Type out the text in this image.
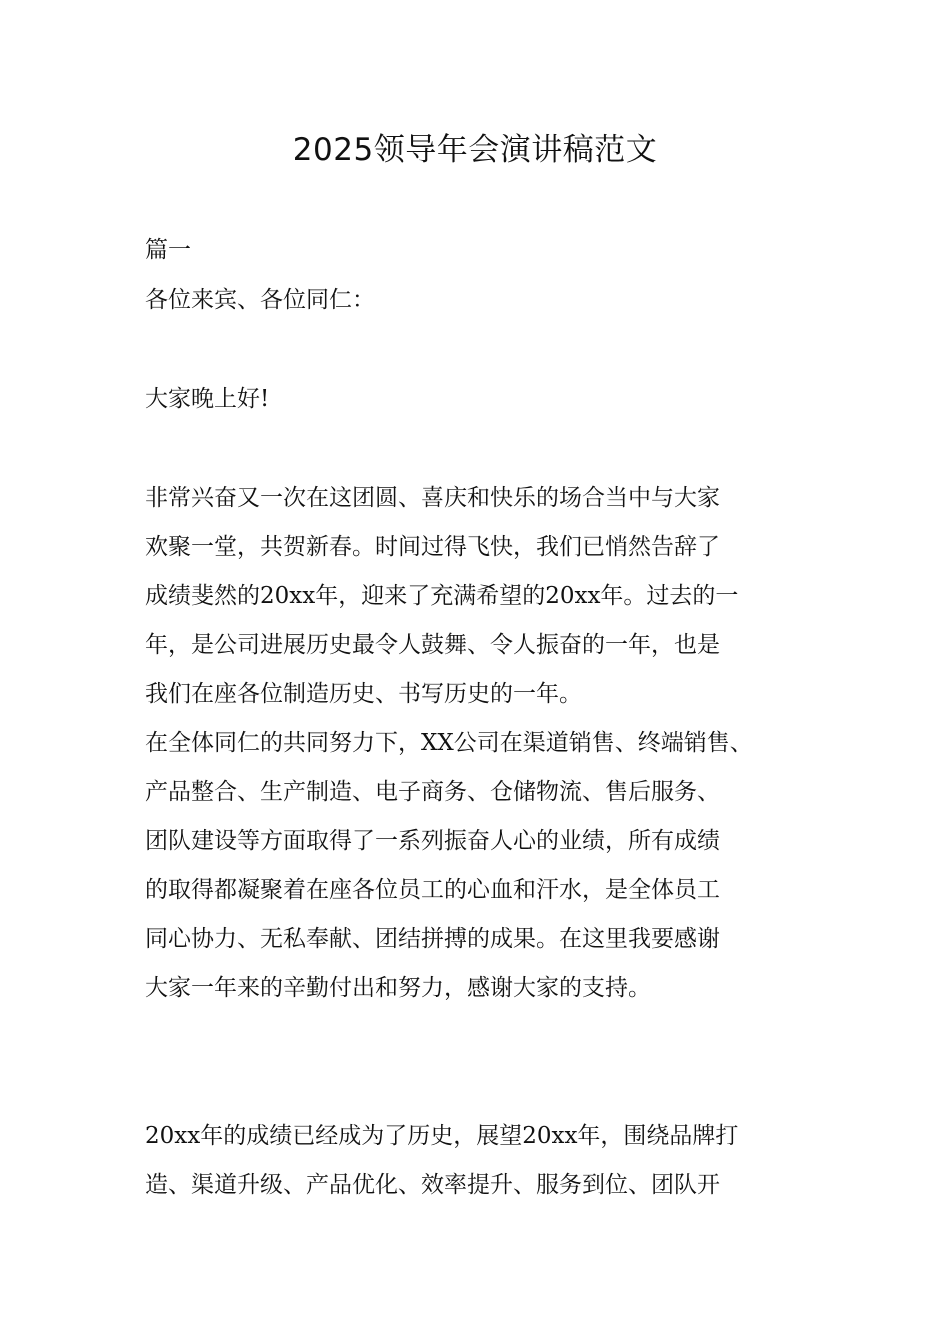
2025领导年会演讲稿范文
篇一
各位来宾、各位同仁：
大家晚上好!
非常兴奋又一次在这团圆、喜庆和快乐的场合当中与大家
欢聚一堂，共贺新春。时间过得飞快，我们已悄然告辞了
成绩斐然的20xx年，迎来了充满希望的20xx年。过去的一
年，是公司进展历史最令人鼓舞、令人振奋的一年，也是
我们在座各位制造历史、书写历史的一年。
在全体同仁的共同努力下，XX公司在渠道销售、终端销售、
产品整合、生产制造、电子商务、仓储物流、售后服务、
团队建设等方面取得了一系列振奋人心的业绩，所有成绩
的取得都凝聚着在座各位员工的心血和汗水，是全体员工
同心协力、无私奉献、团结拼搏的成果。在这里我要感谢
大家一年来的辛勤付出和努力，感谢大家的支持。
20xx年的成绩已经成为了历史，展望20xx年，围绕品牌打
造、渠道升级、产品优化、效率提升、服务到位、团队开
